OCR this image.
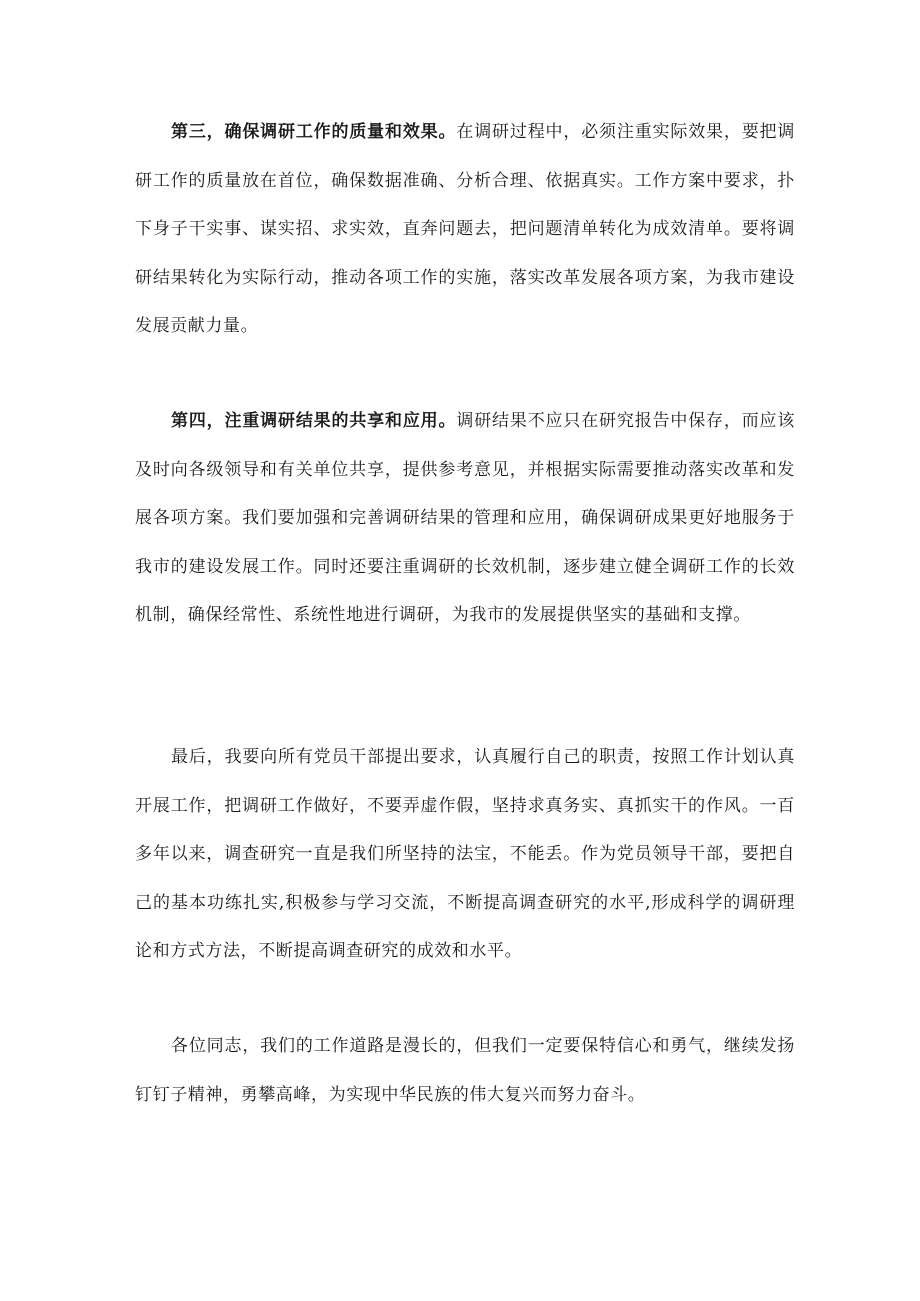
第三，确保调研工作的质量和效果。在调研过程中，必须注重实际效果，要把调研工作的质量放在首位，确保数据准确、分析合理、依据真实。工作方案中要求，扑下身子干实事、谋实招、求实效，直奔问题去，把问题清单转化为成效清单。要将调研结果转化为实际行动，推动各项工作的实施，落实改革发展各项方案，为我市建设发展贡献力量。

第四，注重调研结果的共享和应用。调研结果不应只在研究报告中保存，而应该及时向各级领导和有关单位共享，提供参考意见，并根据实际需要推动落实改革和发展各项方案。我们要加强和完善调研结果的管理和应用，确保调研成果更好地服务于我市的建设发展工作。同时还要注重调研的长效机制，逐步建立健全调研工作的长效机制，确保经常性、系统性地进行调研，为我市的发展提供坚实的基础和支撑。

最后，我要向所有党员干部提出要求，认真履行自己的职责，按照工作计划认真开展工作，把调研工作做好，不要弄虚作假，坚持求真务实、真抓实干的作风。一百多年以来，调查研究一直是我们所坚持的法宝，不能丢。作为党员领导干部，要把自己的基本功练扎实,积极参与学习交流，不断提高调查研究的水平,形成科学的调研理论和方式方法，不断提高调查研究的成效和水平。

各位同志，我们的工作道路是漫长的，但我们一定要保特信心和勇气，继续发扬钉钉子精神，勇攀高峰，为实现中华民族的伟大复兴而努力奋斗。
